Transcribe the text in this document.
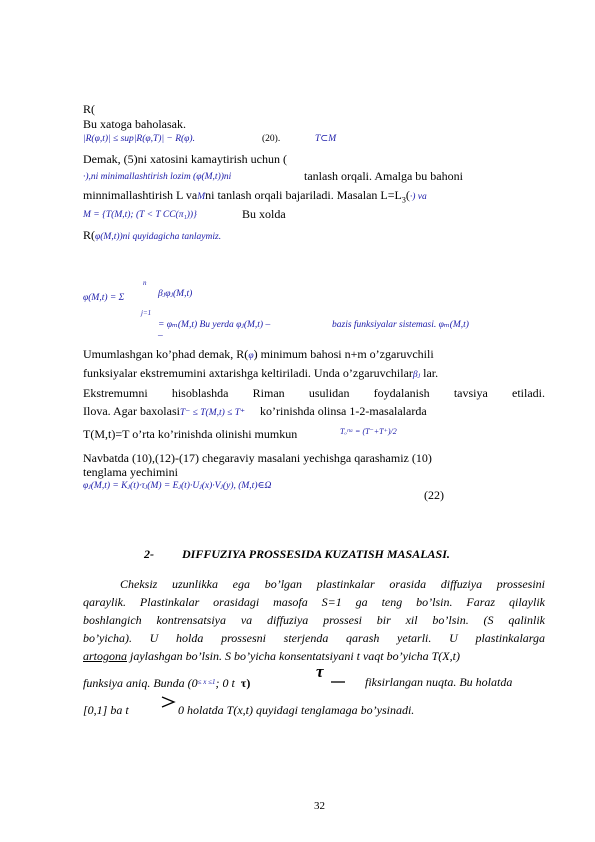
R(
Bu xatoga baholasak.
|R(φ,t)| ≤ sup|R(φ,T)| − R(φ).	(20).	T⊂M
Demak, (5)ni xatosini kamaytirish uchun (
·),ni minimallashtirish lozim (φ(M,t))ni	tanlash orqali. Amalga bu bahoni
minnimallashtirish L vaMni tanlash orqali bajariladi. Masalan $L=L_3(\cdot)$ va
M = {T(M,t); (T < T CC(π₁))}	Bu xolda
R(φ(M,t))ni quyidagicha tanlaymiz.
φ(M,t) = Σ
n
j=1
βⱼφⱼ(M,t)
= φₘ(M,t) Bu yerda φⱼ(M,t) –	bazis funksiyalar sistemasi. φₘ(M,t)
–
Umumlashgan ko’phad demak, R(φ) minimum bahosi n+m o’zgaruvchili
funksiyalar ekstremumini axtarishga keltiriladi. Unda o’zgaruvchilarβⱼ lar.
Ekstremumni hisoblashda Riman usulidan foydalanish tavsiya etiladi.
Ilova. Agar baxolasiT⁻ ≤ T(M,t) ≤ T⁺ ko’rinishda olinsa 1-2-masalalarda
T(M,t)=T o’rta ko’rinishda olinishi mumkun	Tₒʳᵗᵃ = (T⁻+T⁺)/2
Navbatda (10),(12)-(17) chegaraviy masalani yechishga qarashamiz (10)
tenglama yechimini
φⱼ(M,t) = Kⱼ(t)·τⱼ(M) = Eⱼ(t)·Uⱼ(x)·Vⱼ(y), (M,t)∈Ω
(22)
2- DIFFUZIYA PROSSESIDA KUZATISH MASALASI.
Cheksiz uzunlikka ega bo’lgan plastinkalar orasida diffuziya prossesini
qaraylik. Plastinkalar orasidagi masofa S=1 ga teng bo’lsin. Faraz qilaylik
boshlangich kontrensatsiya va diffuziya prossesi bir xil bo’lsin. (S qalinlik
bo’yicha). U holda prossesni sterjenda qarash yetarli. U plastinkalarga
artogona jaylashgan bo’lsin. S bo’yicha konsentatsiyani t vaqt bo’yicha T(X,t)
funksiya aniq. Bunda ($0^{\le x \le 1}$; 0 t τ)
τ
fiksirlangan nuqta. Bu holatda
[0,1] ba t	0 holatda T(x,t) quyidagi tenglamaga bo’ysinadi.
32
